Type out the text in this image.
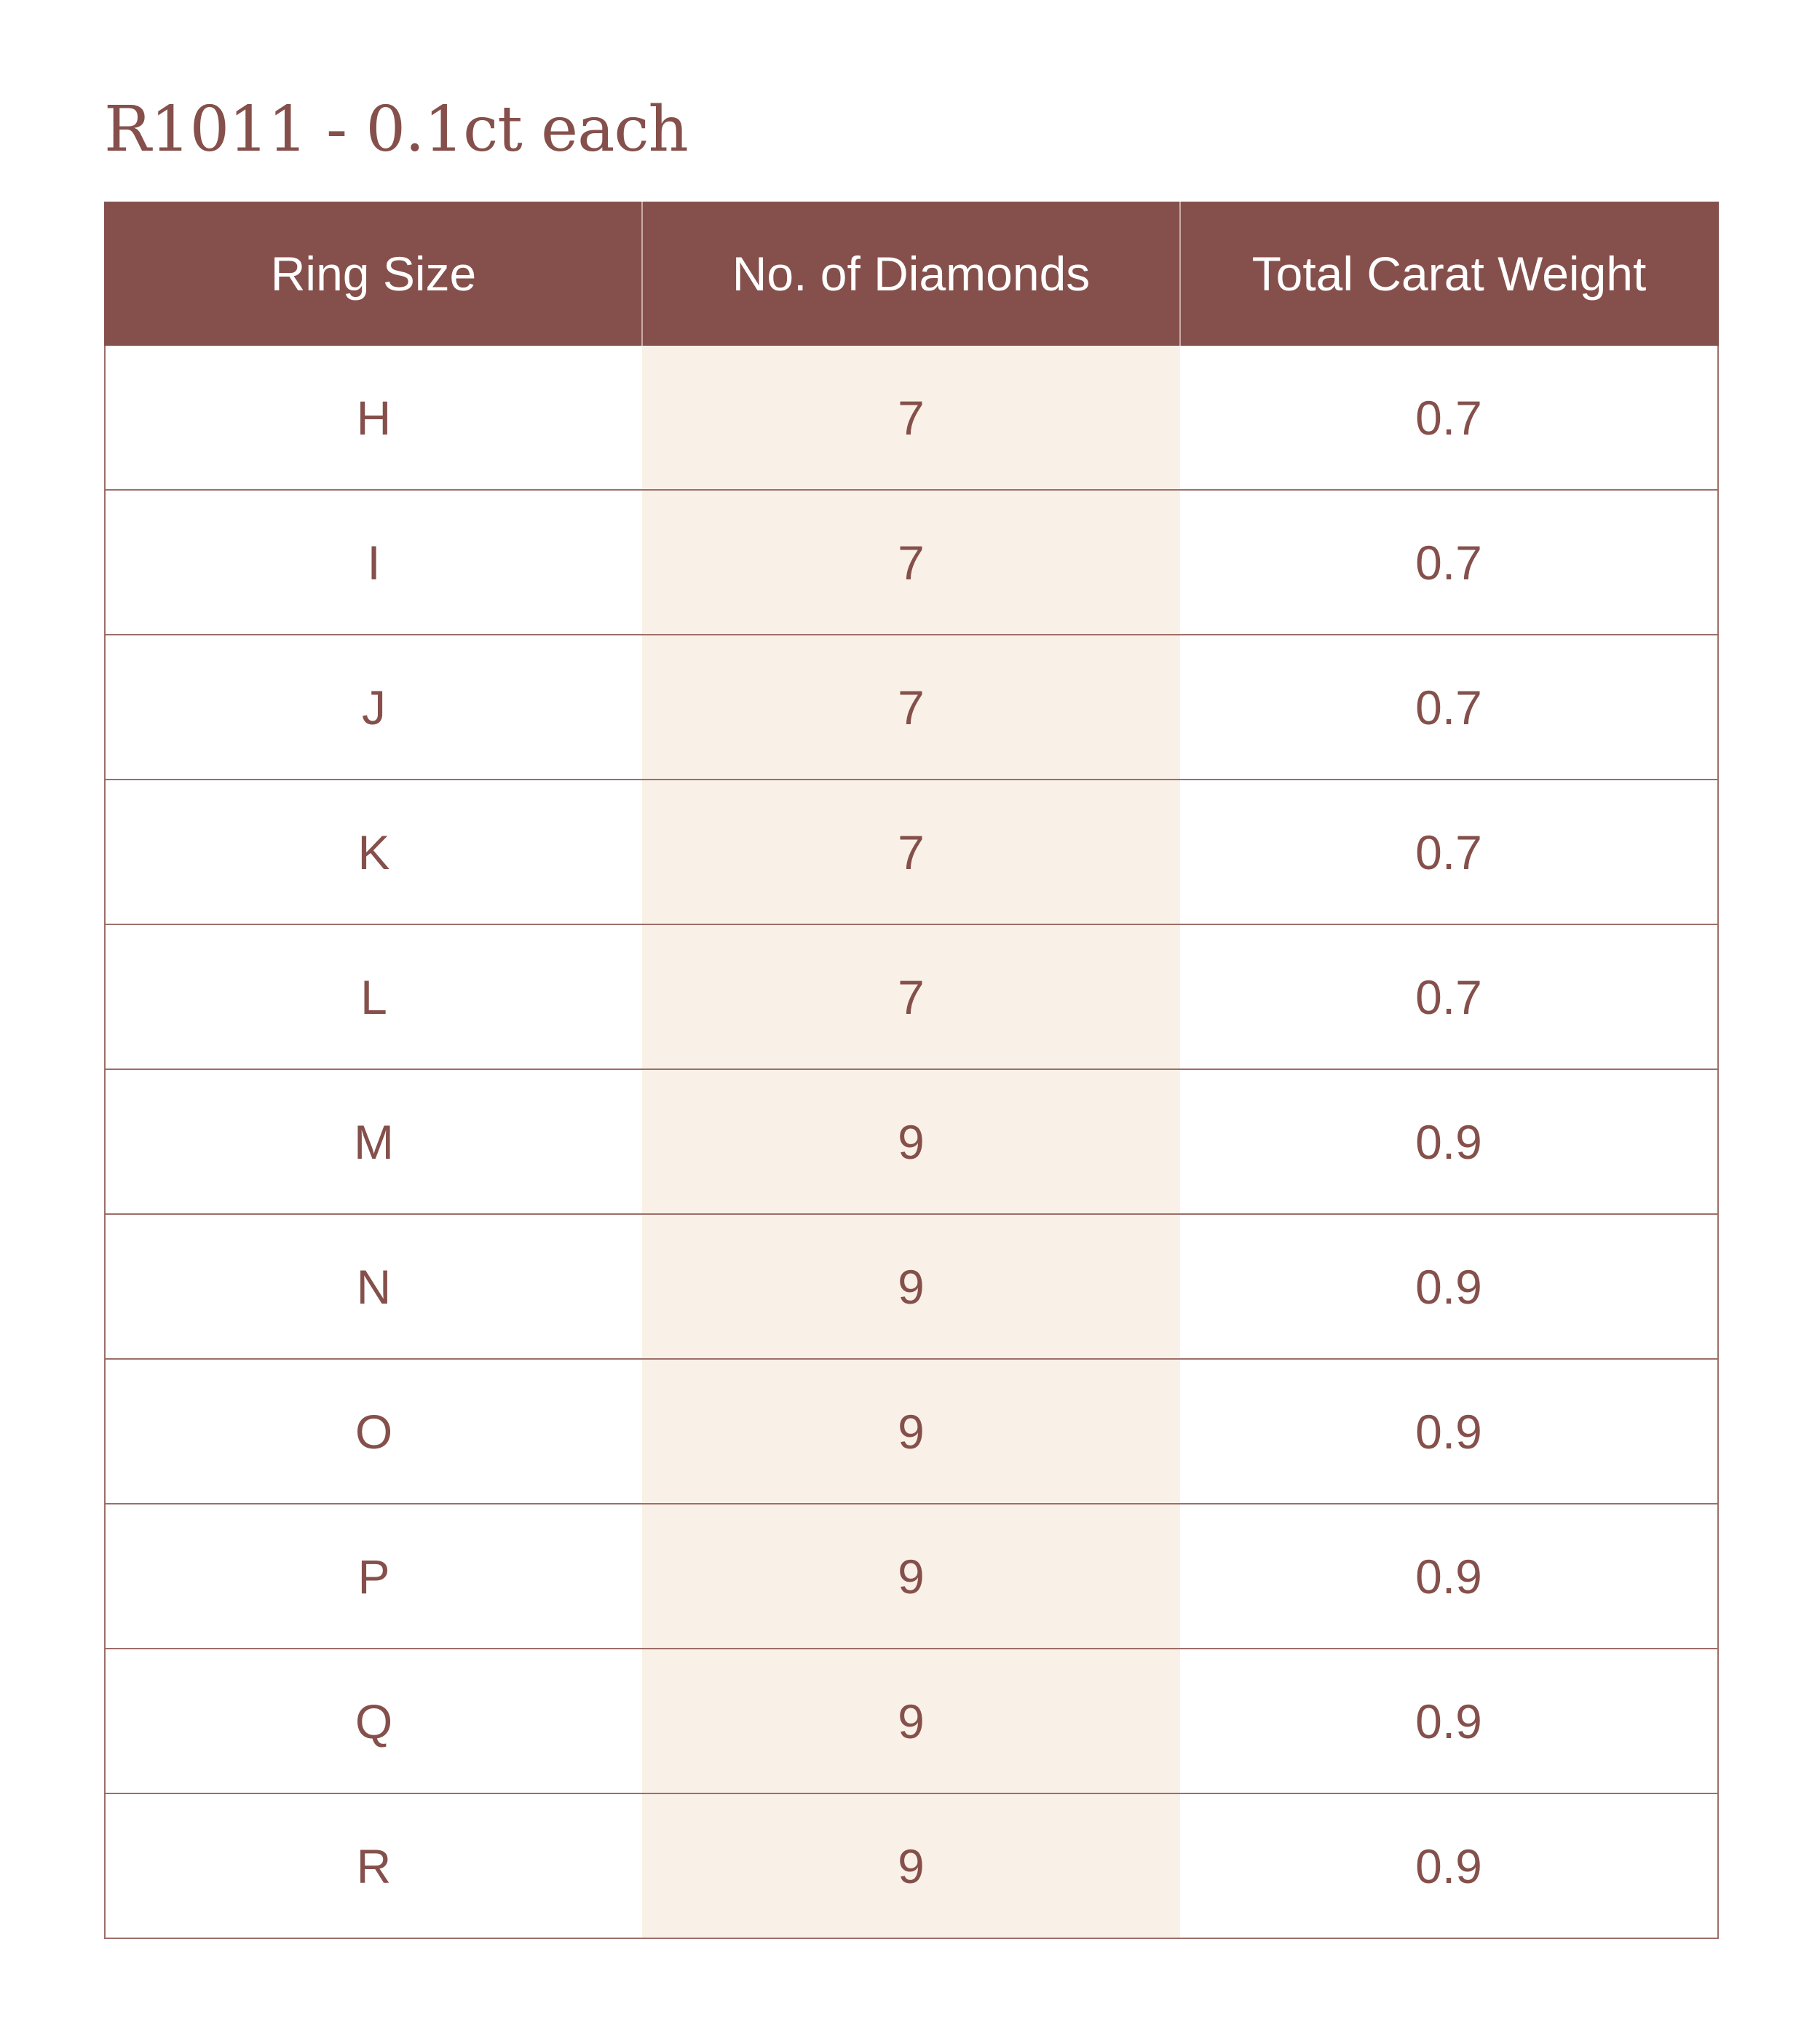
R1011 - 0.1ct each
Ring Size	No. of Diamonds	Total Carat Weight
H	7	0.7
I	7	0.7
J	7	0.7
K	7	0.7
L	7	0.7
M	9	0.9
N	9	0.9
O	9	0.9
P	9	0.9
Q	9	0.9
R	9	0.9
